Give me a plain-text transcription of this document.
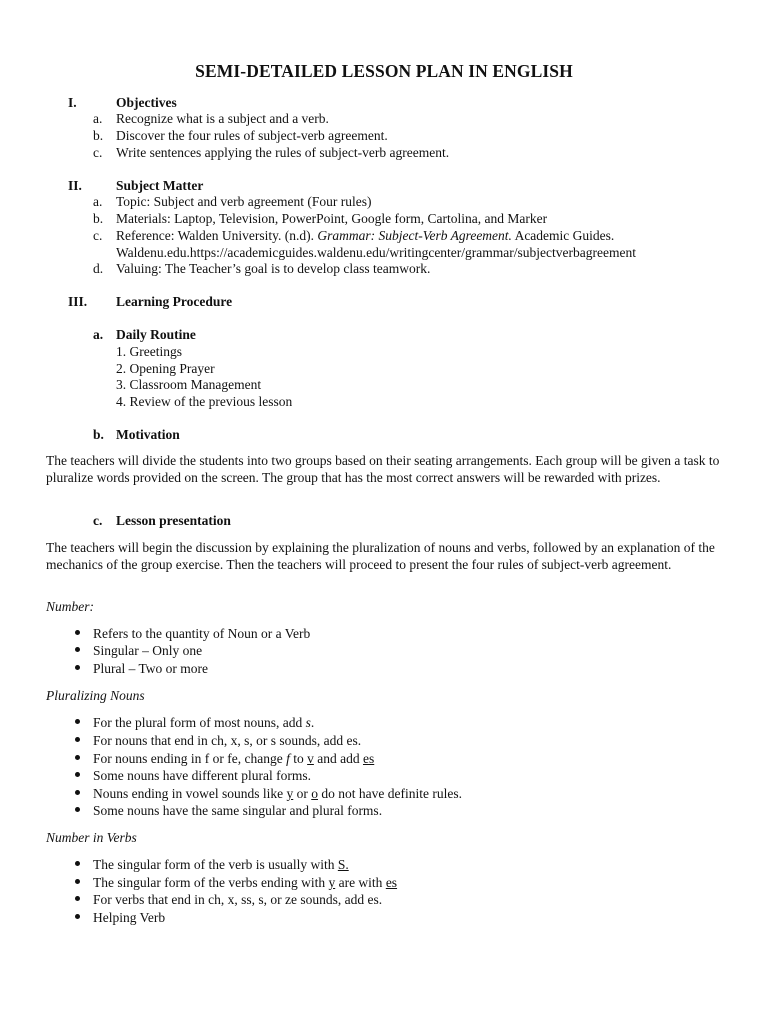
SEMI-DETAILED LESSON PLAN IN ENGLISH
I.	Objectives
a. Recognize what is a subject and a verb.
b. Discover the four rules of subject-verb agreement.
c. Write sentences applying the rules of subject-verb agreement.
II.	Subject Matter
a. Topic: Subject and verb agreement (Four rules)
b. Materials: Laptop, Television, PowerPoint, Google form, Cartolina, and Marker
c. Reference: Walden University. (n.d). Grammar: Subject-Verb Agreement. Academic Guides.
Waldenu.edu.https://academicguides.waldenu.edu/writingcenter/grammar/subjectverbagreement
d. Valuing: The Teacher’s goal is to develop class teamwork.
III. Learning Procedure
a. Daily Routine
1. Greetings
2. Opening Prayer
3. Classroom Management
4. Review of the previous lesson
b. Motivation

The teachers will divide the students into two groups based on their seating arrangements. Each group will be given a task to pluralize words provided on the screen. The group that has the most correct answers will be rewarded with prizes.

c. Lesson presentation

The teachers will begin the discussion by explaining the pluralization of nouns and verbs, followed by an explanation of the mechanics of the group exercise. Then the teachers will proceed to present the four rules of subject-verb agreement.

Number:
Refers to the quantity of Noun or a Verb
Singular – Only one
Plural – Two or more
Pluralizing Nouns
For the plural form of most nouns, add s.
For nouns that end in ch, x, s, or s sounds, add es.
For nouns ending in f or fe, change f to v and add es
Some nouns have different plural forms.
Nouns ending in vowel sounds like y or o do not have definite rules.
Some nouns have the same singular and plural forms.
Number in Verbs
The singular form of the verb is usually with S.
The singular form of the verbs ending with y are with es
For verbs that end in ch, x, ss, s, or ze sounds, add es.
Helping Verb
